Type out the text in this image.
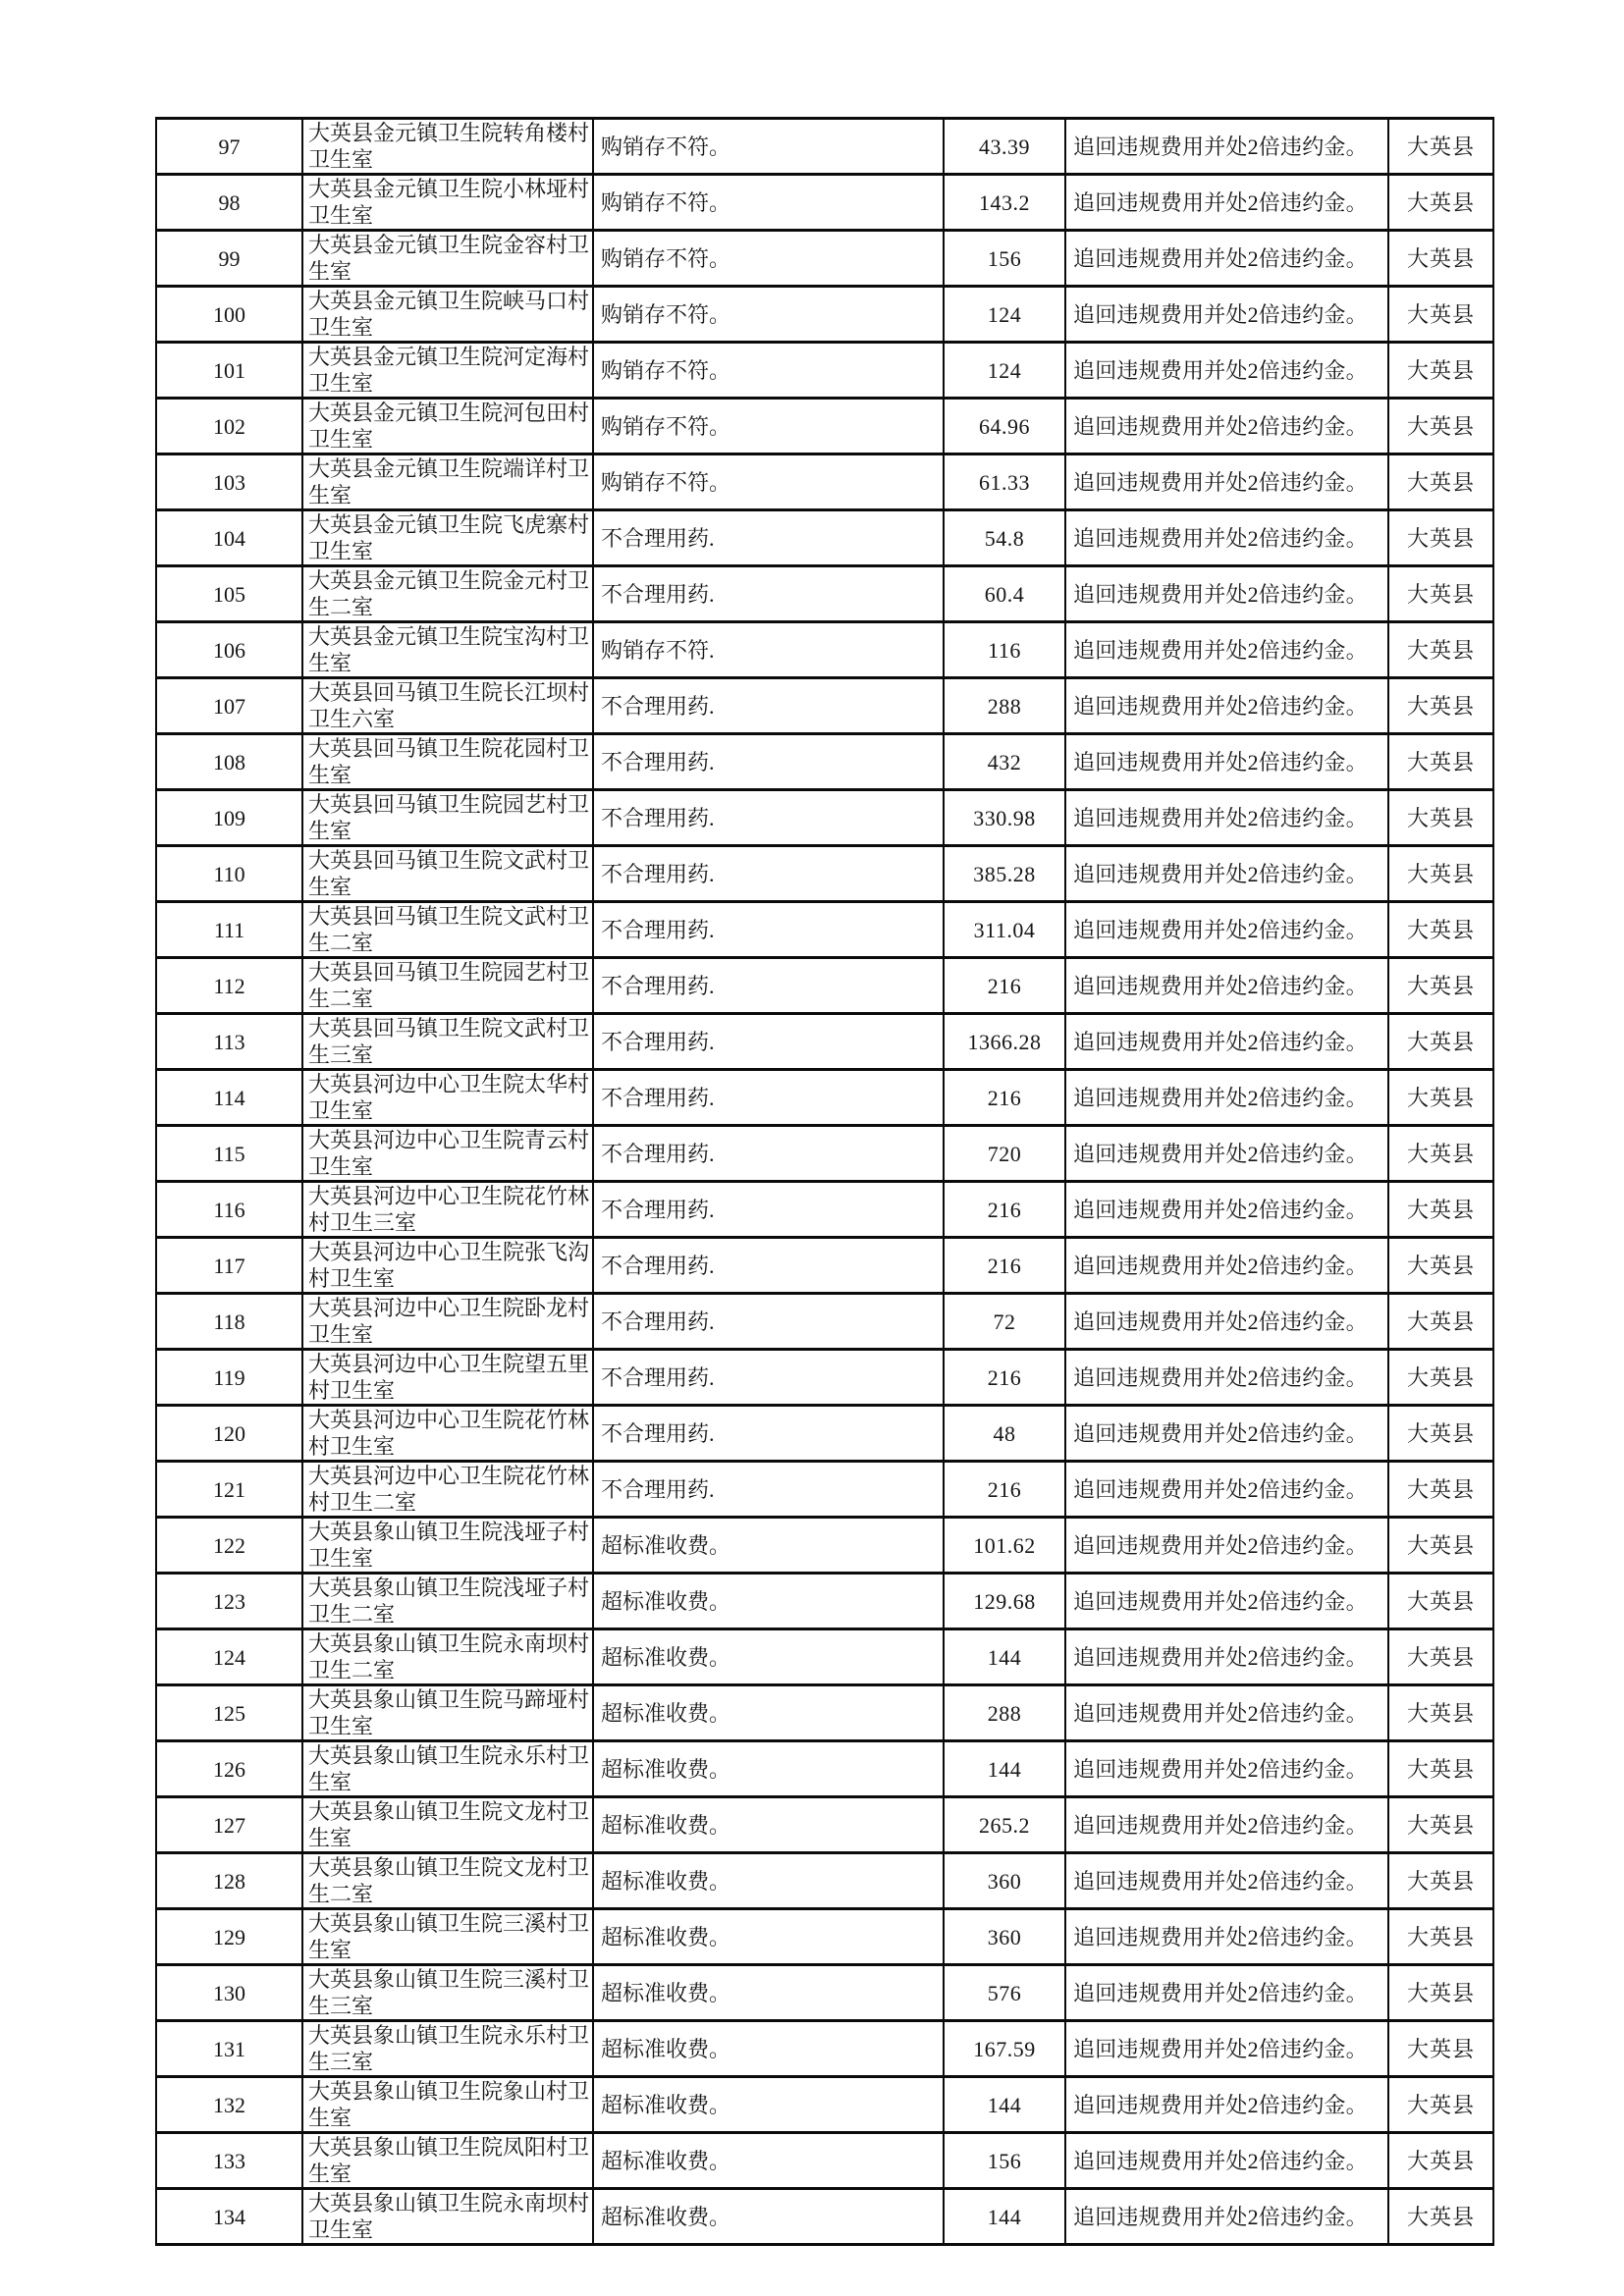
97	大英县金元镇卫生院转角楼村卫生室	购销存不符。	43.39	追回违规费用并处2倍违约金。	大英县
98	大英县金元镇卫生院小林垭村卫生室	购销存不符。	143.2	追回违规费用并处2倍违约金。	大英县
99	大英县金元镇卫生院金容村卫生室	购销存不符。	156	追回违规费用并处2倍违约金。	大英县
100	大英县金元镇卫生院峡马口村卫生室	购销存不符。	124	追回违规费用并处2倍违约金。	大英县
101	大英县金元镇卫生院河定海村卫生室	购销存不符。	124	追回违规费用并处2倍违约金。	大英县
102	大英县金元镇卫生院河包田村卫生室	购销存不符。	64.96	追回违规费用并处2倍违约金。	大英县
103	大英县金元镇卫生院端详村卫生室	购销存不符。	61.33	追回违规费用并处2倍违约金。	大英县
104	大英县金元镇卫生院飞虎寨村卫生室	不合理用药.	54.8	追回违规费用并处2倍违约金。	大英县
105	大英县金元镇卫生院金元村卫生二室	不合理用药.	60.4	追回违规费用并处2倍违约金。	大英县
106	大英县金元镇卫生院宝沟村卫生室	购销存不符.	116	追回违规费用并处2倍违约金。	大英县
107	大英县回马镇卫生院长江坝村卫生六室	不合理用药.	288	追回违规费用并处2倍违约金。	大英县
108	大英县回马镇卫生院花园村卫生室	不合理用药.	432	追回违规费用并处2倍违约金。	大英县
109	大英县回马镇卫生院园艺村卫生室	不合理用药.	330.98	追回违规费用并处2倍违约金。	大英县
110	大英县回马镇卫生院文武村卫生室	不合理用药.	385.28	追回违规费用并处2倍违约金。	大英县
111	大英县回马镇卫生院文武村卫生二室	不合理用药.	311.04	追回违规费用并处2倍违约金。	大英县
112	大英县回马镇卫生院园艺村卫生二室	不合理用药.	216	追回违规费用并处2倍违约金。	大英县
113	大英县回马镇卫生院文武村卫生三室	不合理用药.	1366.28	追回违规费用并处2倍违约金。	大英县
114	大英县河边中心卫生院太华村卫生室	不合理用药.	216	追回违规费用并处2倍违约金。	大英县
115	大英县河边中心卫生院青云村卫生室	不合理用药.	720	追回违规费用并处2倍违约金。	大英县
116	大英县河边中心卫生院花竹林村卫生三室	不合理用药.	216	追回违规费用并处2倍违约金。	大英县
117	大英县河边中心卫生院张飞沟村卫生室	不合理用药.	216	追回违规费用并处2倍违约金。	大英县
118	大英县河边中心卫生院卧龙村卫生室	不合理用药.	72	追回违规费用并处2倍违约金。	大英县
119	大英县河边中心卫生院望五里村卫生室	不合理用药.	216	追回违规费用并处2倍违约金。	大英县
120	大英县河边中心卫生院花竹林村卫生室	不合理用药.	48	追回违规费用并处2倍违约金。	大英县
121	大英县河边中心卫生院花竹林村卫生二室	不合理用药.	216	追回违规费用并处2倍违约金。	大英县
122	大英县象山镇卫生院浅垭子村卫生室	超标准收费。	101.62	追回违规费用并处2倍违约金。	大英县
123	大英县象山镇卫生院浅垭子村卫生二室	超标准收费。	129.68	追回违规费用并处2倍违约金。	大英县
124	大英县象山镇卫生院永南坝村卫生二室	超标准收费。	144	追回违规费用并处2倍违约金。	大英县
125	大英县象山镇卫生院马蹄垭村卫生室	超标准收费。	288	追回违规费用并处2倍违约金。	大英县
126	大英县象山镇卫生院永乐村卫生室	超标准收费。	144	追回违规费用并处2倍违约金。	大英县
127	大英县象山镇卫生院文龙村卫生室	超标准收费。	265.2	追回违规费用并处2倍违约金。	大英县
128	大英县象山镇卫生院文龙村卫生二室	超标准收费。	360	追回违规费用并处2倍违约金。	大英县
129	大英县象山镇卫生院三溪村卫生室	超标准收费。	360	追回违规费用并处2倍违约金。	大英县
130	大英县象山镇卫生院三溪村卫生三室	超标准收费。	576	追回违规费用并处2倍违约金。	大英县
131	大英县象山镇卫生院永乐村卫生三室	超标准收费。	167.59	追回违规费用并处2倍违约金。	大英县
132	大英县象山镇卫生院象山村卫生室	超标准收费。	144	追回违规费用并处2倍违约金。	大英县
133	大英县象山镇卫生院凤阳村卫生室	超标准收费。	156	追回违规费用并处2倍违约金。	大英县
134	大英县象山镇卫生院永南坝村卫生室	超标准收费。	144	追回违规费用并处2倍违约金。	大英县
